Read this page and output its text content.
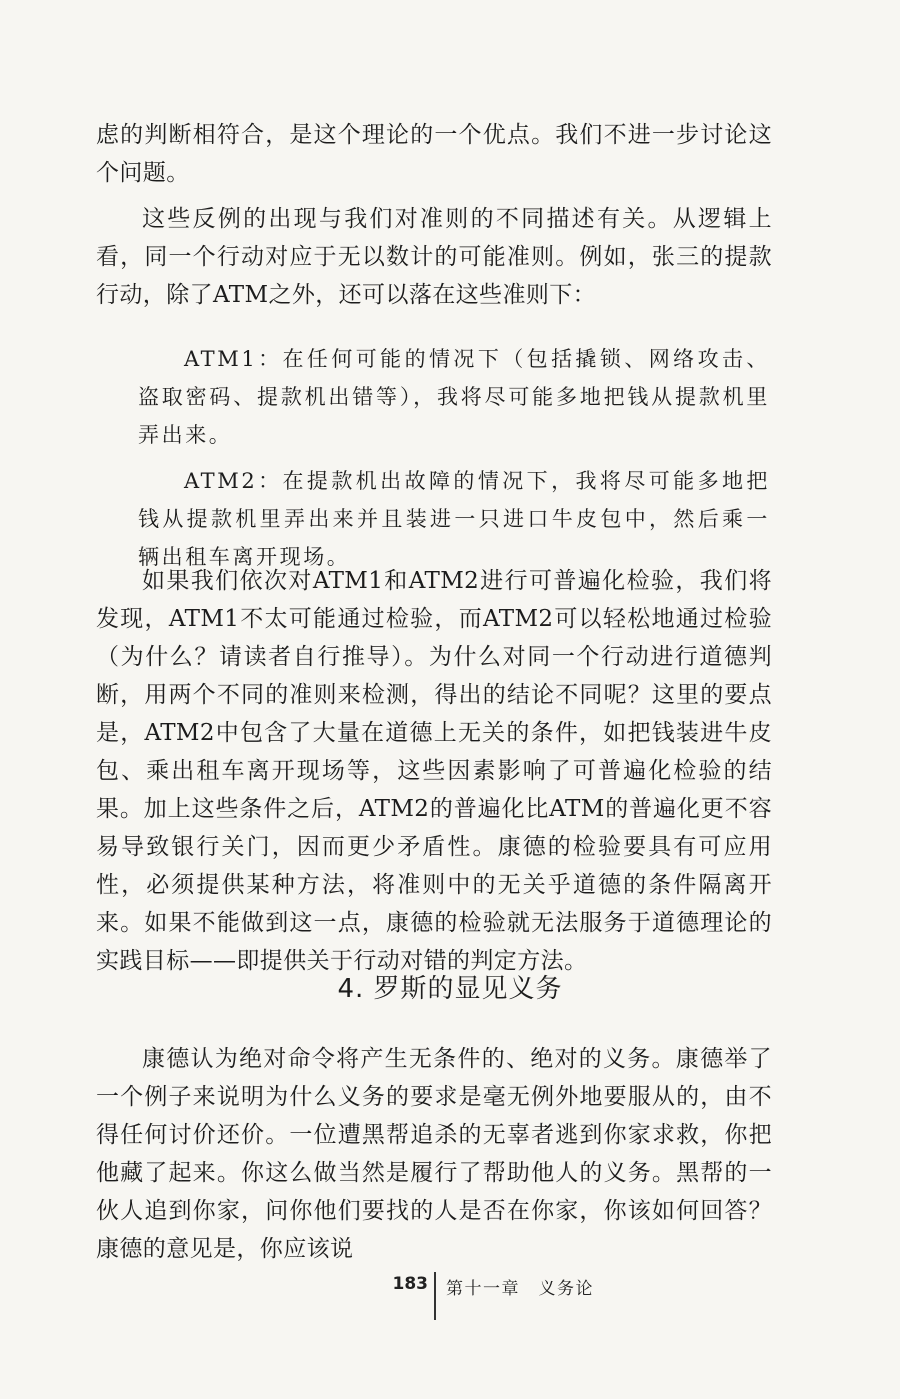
虑的判断相符合，是这个理论的一个优点。我们不进一步讨论这个问题。

这些反例的出现与我们对准则的不同描述有关。从逻辑上看，同一个行动对应于无以数计的可能准则。例如，张三的提款行动，除了ATM之外，还可以落在这些准则下：

ATM1：在任何可能的情况下（包括撬锁、网络攻击、盗取密码、提款机出错等），我将尽可能多地把钱从提款机里弄出来。

ATM2：在提款机出故障的情况下，我将尽可能多地把钱从提款机里弄出来并且装进一只进口牛皮包中，然后乘一辆出租车离开现场。

如果我们依次对ATM1和ATM2进行可普遍化检验，我们将发现，ATM1不太可能通过检验，而ATM2可以轻松地通过检验（为什么？请读者自行推导）。为什么对同一个行动进行道德判断，用两个不同的准则来检测，得出的结论不同呢？这里的要点是，ATM2中包含了大量在道德上无关的条件，如把钱装进牛皮包、乘出租车离开现场等，这些因素影响了可普遍化检验的结果。加上这些条件之后，ATM2的普遍化比ATM的普遍化更不容易导致银行关门，因而更少矛盾性。康德的检验要具有可应用性，必须提供某种方法，将准则中的无关乎道德的条件隔离开来。如果不能做到这一点，康德的检验就无法服务于道德理论的实践目标——即提供关于行动对错的判定方法。

4. 罗斯的显见义务

康德认为绝对命令将产生无条件的、绝对的义务。康德举了一个例子来说明为什么义务的要求是毫无例外地要服从的，由不得任何讨价还价。一位遭黑帮追杀的无辜者逃到你家求救，你把他藏了起来。你这么做当然是履行了帮助他人的义务。黑帮的一伙人追到你家，问你他们要找的人是否在你家，你该如何回答？康德的意见是，你应该说

183 第十一章　义务论
